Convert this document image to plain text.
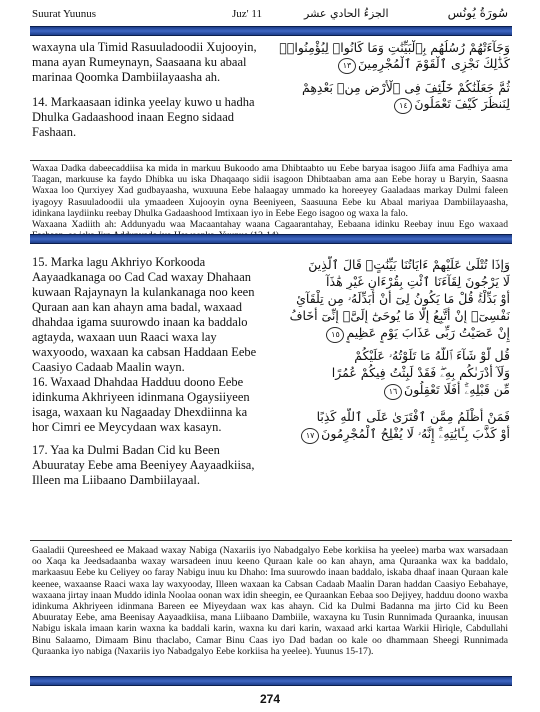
Suurat Yuunus	Juz' 11	الجزءُ الحادي عشر	سُورَةُ يُونُس

waxayna ula Timid Rasuuladoodii Xujooyin, mana ayan Rumeynayn, Saasaana ku abaal marinaa Qoomka Dambiilayaasha ah.

14. Markaasaan idinka yeelay kuwo u hadha Dhulka Gadaashood inaan Eegno sidaad Fashaan.

وَجَآءَتْهُمْ رُسُلُهُم بِٱلْبَيِّنَٰتِ وَمَا كَانُوا۟ لِيُؤْمِنُوا۟ۚ
كَذَٰلِكَ نَجْزِى ٱلْقَوْمَ ٱلْمُجْرِمِينَ١٣
ثُمَّ جَعَلْنَٰكُمْ خَلَٰٓئِفَ فِى ٱلْأَرْضِ مِنۢ بَعْدِهِمْ
لِنَنظُرَ كَيْفَ تَعْمَلُونَ١٤

Waxaa Dadka dabeecaddiisa ka mida in markuu Bukoodo ama Dhibtaabto uu Eebe baryaa isagoo Jiifa ama Fadhiya ama Taagan, markuuse ka faydo Dhibka uu iska Dhaqaaqo sidii isagoon Dhibtaaban ama aan Eebe horay u Baryin, Saasna Waxaa loo Qurxiyey Xad gudbayaasha, wuxuuna Eebe halaagay ummado ka horeeyey Gaaladaas markay Dulmi faleen iyagoyy Rasuuladoodii ula ymaadeen Xujooyin oyna Beeniyeen, Saasuuna Eebe ku Abaal mariyaa Dambiilayaasha, idinkana laydiinku reebay Dhulka Gadaashood Imtixaan iyo in Eebe Eego isagoo og waxa la falo.

Waxaana Xadiith ah: Addunyadu waa Macaantahay waana Cagaarantahay, Eebaana idinku Reebay inuu Ego waxaad

15. Marka lagu Akhriyo Korkooda Aayaadkanaga oo Cad Cad waxay Dhahaan kuwaan Rajaynayn la kulankanaga noo keen Quraan aan kan ahayn ama badal, waxaad dhahdaa igama suurowdo inaan ka baddalo agtayda, waxaan uun Raaci waxa lay waxyoodo, waxaan ka cabsan Haddaan Eebe Caasiyo Cadaab Maalin wayn.

16. Waxaad Dhahdaa Hadduu doono Eebe idinkuma Akhriyeen idinmana Ogaysiiyeen isaga, waxaan ku Nagaaday Dhexdiinna ka hor Cimri ee Meycydaan wax kasayn.

17. Yaa ka Dulmi Badan Cid ku Been Abuuratay Eebe ama Beeniyey Aayaadkiisa, Illeen ma Liibaano Dambiilayaal.

وَإِذَا تُتْلَىٰ عَلَيْهِمْ ءَايَاتُنَا بَيِّنَٰتٍۙ قَالَ ٱلَّذِينَ
لَا يَرْجُونَ لِقَآءَنَا ٱئْتِ بِقُرْءَانٍ غَيْرِ هَٰذَآ
أَوْ بَدِّلْهُۚ قُلْ مَا يَكُونُ لِىٓ أَنْ أُبَدِّلَهُۥ مِن تِلْقَآئِ
نَفْسِىٓۖ إِنْ أَتَّبِعُ إِلَّا مَا يُوحَىٰٓ إِلَىَّۖ إِنِّىٓ أَخَافُ
إِنْ عَصَيْتُ رَبِّى عَذَابَ يَوْمٍ عَظِيمٍ١٥
قُل لَّوْ شَآءَ ٱللَّهُ مَا تَلَوْتُهُۥ عَلَيْكُمْ
وَلَآ أَدْرَىٰكُم بِهِۦۖ فَقَدْ لَبِثْتُ فِيكُمْ عُمُرًا
مِّن قَبْلِهِۦٓۚ أَفَلَا تَعْقِلُونَ١٦
فَمَنْ أَظْلَمُ مِمَّنِ ٱفْتَرَىٰ عَلَى ٱللَّهِ كَذِبًا
أَوْ كَذَّبَ بِـَٔايَٰتِهِۦٓۚ إِنَّهُۥ لَا يُفْلِحُ ٱلْمُجْرِمُونَ١٧

Gaaladii Qureesheed ee Makaad waxay Nabiga (Naxariis iyo Nabadgalyo Eebe korkiisa ha yeelee) marba wax warsadaan oo Xaqa ka Jeedsadaanba waxay warsadeen inuu keeno Quraan kale oo kan ahayn, ama Quraanka wax ka baddalo, markaasuu Eebe ku Celiyey oo faray Nabigu inuu ku Dhaho: Ima suurowdo inaan baddalo, iskaba dhaaf inaan Quraan kale keenee, waxaanse Raaci waxa lay waxyooday, Illeen waxaan ka Cabsan Cadaab Maalin Daran haddan Caasiyo Eebahaye, waxaana jirtay inaan Muddo idinla Noolaa oonan wax idin sheegin, ee Quraankan Eebaa soo Dejiyey, hadduu doono waxba idinkuma Akhriyeen idinmana Bareen ee Miyeydaan wax kas ahayn. Cid ka Dulmi Badanna ma jirto Cid ku Been Abuuratay Eebe, ama Beenisay Aayaadkiisa, mana Liibaano Dambiile, waxayna ku Tusin Runnimada Quraanka, inuusan Nabigu iskala imaan karin waxna ka baddali karin, waxna ku dari karin, waxaad arki kartaa Warkii Hiriqle, Cabdullahi Binu Salaamo, Dimaam Binu thaclabo, Camar Binu Caas iyo Dad badan oo kale oo dhammaan Sheegi Runnimada Quraanka iyo nabiga (Naxariis iyo Nabadgalyo Eebe korkiisa ha yeelee). Yuunus 15-17).

274
